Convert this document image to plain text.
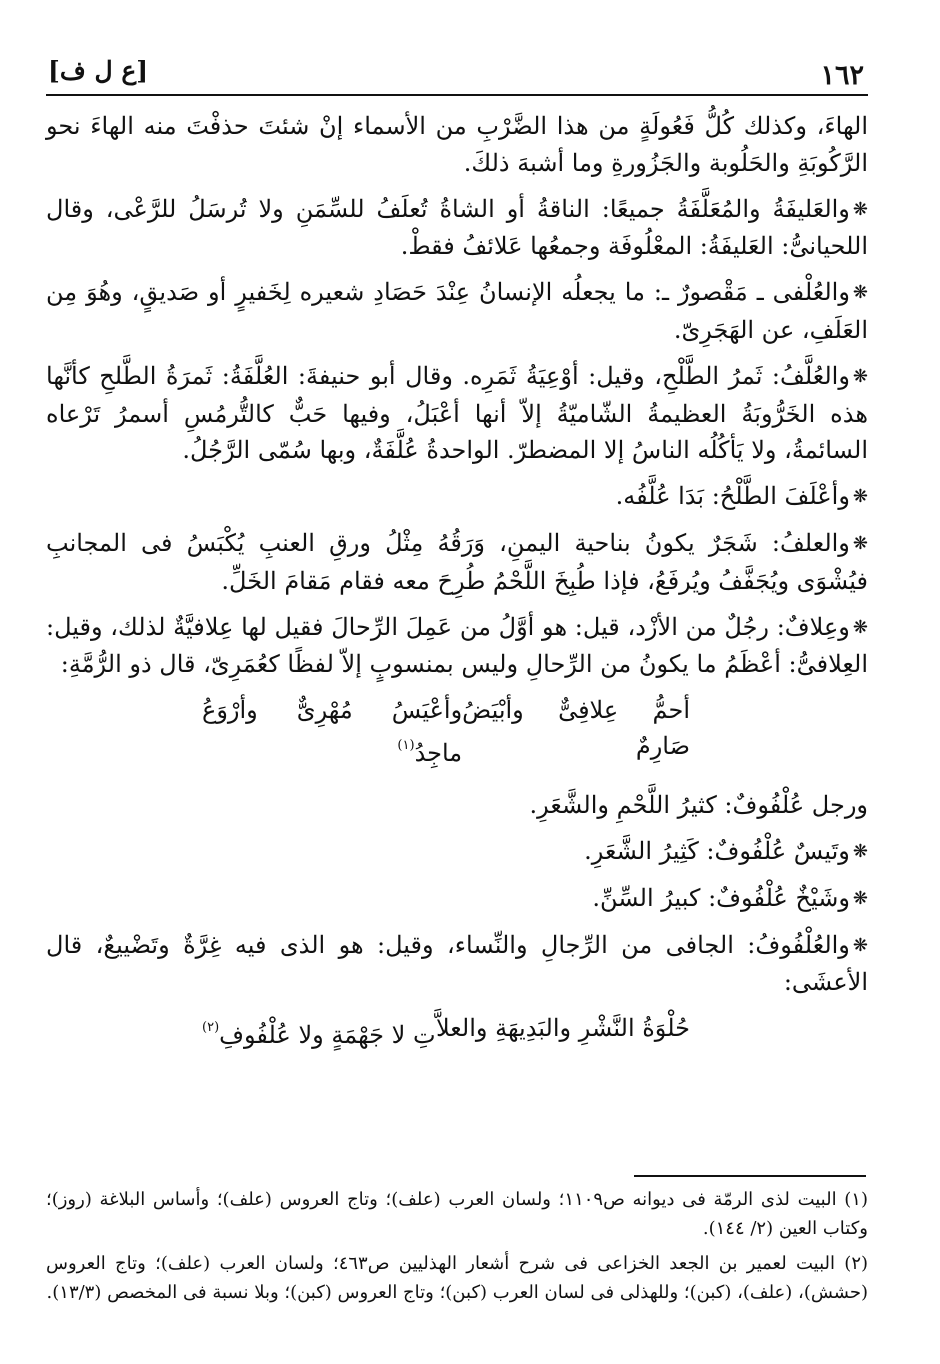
١٦٢
[ع ل ف]

الهاءَ، وكذلك كُلُّ فَعُولَةٍ من هذا الضَّرْبِ من الأسماء إنْ شئتَ حذفْتَ منه الهاءَ نحو الرَّكُوبَةِ والحَلُوبة والجَزُورةِ وما أشبهَ ذلكَ.

❋والعَليفَةُ والمُعَلَّفَةُ جميعًا: الناقةُ أو الشاةُ تُعلَفُ للسِّمَنِ ولا تُرسَلُ للرَّعْى، وقال اللحيانىُّ: العَليفَةُ: المعْلُوفَة وجمعُها عَلائفُ فقطْ.

❋والعُلْفى ـ مَقْصورٌ ـ: ما يجعلُه الإنسانُ عِنْدَ حَصَادِ شعيره لِخَفيرٍ أو صَديقٍ، وهُوَ مِن العَلَفِ، عن الهَجَرِىّ.

❋والعُلَّفُ: ثَمرُ الطَّلْحِ، وقيل: أوْعِيَةُ ثَمَرِه. وقال أبو حنيفةَ: العُلَّفَةُ: ثَمرَةُ الطَّلحِ كأنَّها هذه الخَرُّوبَةُ العظيمةُ الشّاميّةُ إلاّ أنها أعْبَلُ، وفيها حَبٌّ كالتُّرمُسِ أسمرُ تَرْعاه السائمةُ، ولا يَأكُلُه الناسُ إلا المضطرّ. الواحدةُ عُلَّفَةٌ، وبها سُمّى الرَّجُلُ.

❋وأعْلَفَ الطَّلْحُ: بَدَا عُلَّفُه.

❋والعلفُ: شَجَرٌ يكونُ بناحية اليمنِ، وَرَقُهُ مِثْلُ ورقِ العنبِ يُكْبَسُ فى المجانبِ فيُشْوَى ويُجَفَّفُ ويُرفَعُ، فإذا طُبِخَ اللَّحْمُ طُرِحَ معه فقام مَقامَ الخَلِّ.

❋وعِلافٌ: رجُلٌ من الأزْد، قيل: هو أوَّلُ من عَمِلَ الرِّحالَ فقيل لها عِلافيَّةٌ لذلك، وقيل: العِلافىُّ: أعْظَمُ ما يكونُ من الرِّحالِ وليس بمنسوبٍ إلاّ لفظًا كعُمَرِىّ، قال ذو الرُّمَّةِ:

أحمُّ عِلافِىٌّ وأبْيَضُ صَارِمٌ
وأعْيَسُ مُهْرِىٌّ وأرْوَعُ ماجِدُ$^{(١)}$

ورجل عُلْفُوفٌ: كثيرُ اللَّحْمِ والشَّعَرِ.

❋وتَيسٌ عُلْفُوفٌ: كَثِيرُ الشَّعَرِ.

❋وشَيْخٌ عُلْفُوفٌ: كبيرُ السِّنِّ.

❋والعُلْفُوفُ: الجافى من الرِّجالِ والنِّساء، وقيل: هو الذى فيه غِرَّةٌ وتَضْييعٌ، قال الأعشَى:

حُلْوَةُ النَّشْرِ والبَدِيهَةِ والعلاَّ
تِ لا جَهْمَةٍ ولا عُلْفُوفِ$^{(٢)}$

(١) البيت لذى الرمّة فى ديوانه ص١١٠٩؛ ولسان العرب (علف)؛ وتاج العروس (علف)؛ وأساس البلاغة (روز)؛ وكتاب العين (٢/ ١٤٤).

(٢) البيت لعمير بن الجعد الخزاعى فى شرح أشعار الهذليين ص٤٦٣؛ ولسان العرب (علف)؛ وتاج العروس (حشش)، (علف)، (كبن)؛ وللهذلى فى لسان العرب (كبن)؛ وتاج العروس (كبن)؛ وبلا نسبة فى المخصص (١٣/٣).
